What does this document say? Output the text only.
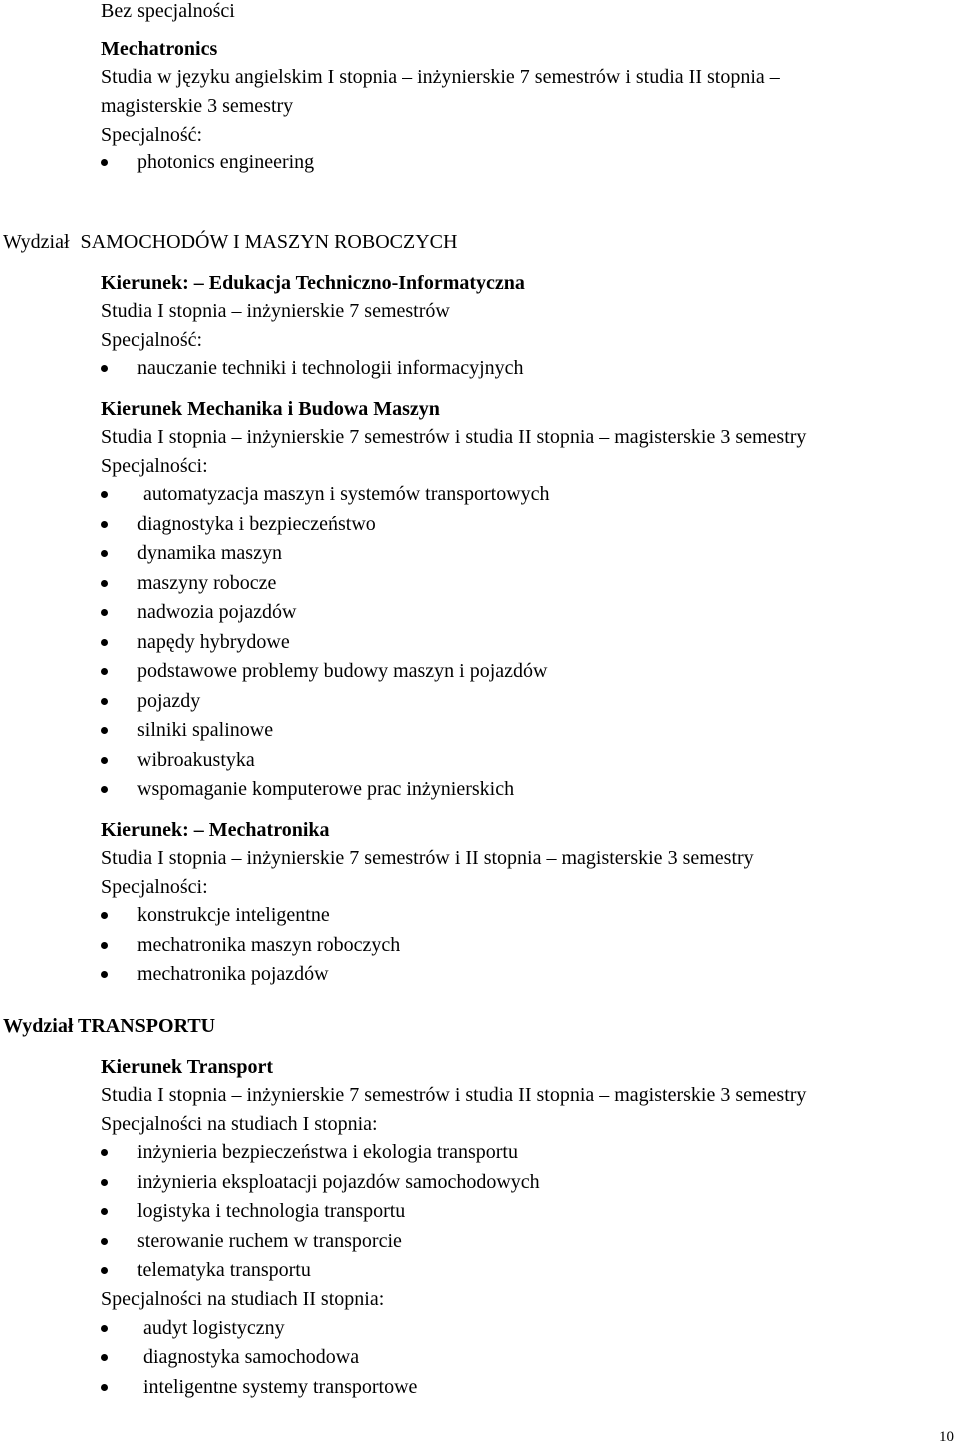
Bez specjalności
Mechatronics
Studia w języku angielskim I stopnia – inżynierskie 7 semestrów i studia II stopnia –
magisterskie 3 semestry
Specjalność:
photonics engineering
Wydział SAMOCHODÓW I MASZYN ROBOCZYCH
Kierunek: – Edukacja Techniczno-Informatyczna
Studia I stopnia – inżynierskie 7 semestrów
Specjalność:
nauczanie techniki i technologii informacyjnych
Kierunek Mechanika i Budowa Maszyn
Studia I stopnia – inżynierskie 7 semestrów i studia II stopnia – magisterskie 3 semestry
Specjalności:
automatyzacja maszyn i systemów transportowych
diagnostyka i bezpieczeństwo
dynamika maszyn
maszyny robocze
nadwozia pojazdów
napędy hybrydowe
podstawowe problemy budowy maszyn i pojazdów
pojazdy
silniki spalinowe
wibroakustyka
wspomaganie komputerowe prac inżynierskich
Kierunek: – Mechatronika
Studia I stopnia – inżynierskie 7 semestrów i II stopnia – magisterskie 3 semestry
Specjalności:
konstrukcje inteligentne
mechatronika maszyn roboczych
mechatronika pojazdów
Wydział TRANSPORTU
Kierunek Transport
Studia I stopnia – inżynierskie 7 semestrów i studia II stopnia – magisterskie 3 semestry
Specjalności na studiach I stopnia:
inżynieria bezpieczeństwa i ekologia transportu
inżynieria eksploatacji pojazdów samochodowych
logistyka i technologia transportu
sterowanie ruchem w transporcie
telematyka transportu
Specjalności na studiach II stopnia:
audyt logistyczny
diagnostyka samochodowa
inteligentne systemy transportowe
10
